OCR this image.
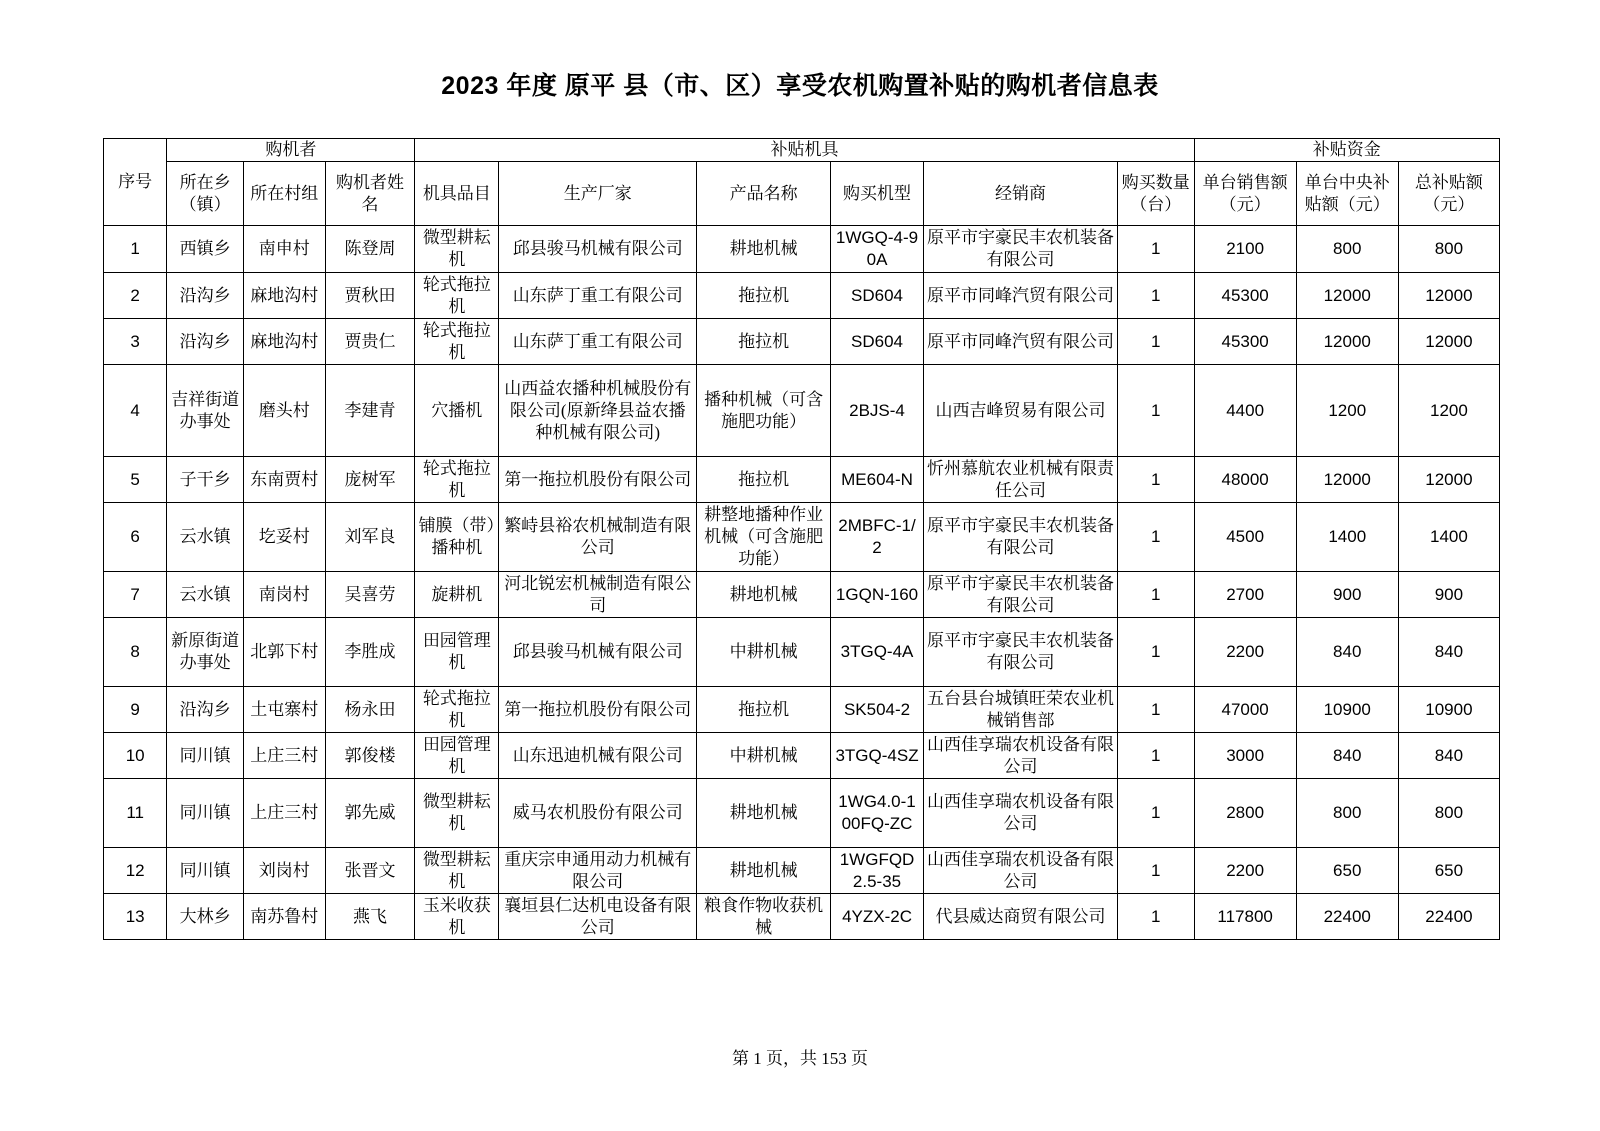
2023 年度 原平 县（市、区）享受农机购置补贴的购机者信息表
序号	购机者			补贴机具						补贴资金		
	所在乡（镇）	所在村组	购机者姓名	机具品目	生产厂家	产品名称	购买机型	经销商	购买数量（台）	单台销售额（元）	单台中央补贴额（元）	总补贴额（元）
1	西镇乡	南申村	陈登周	微型耕耘机	邱县骏马机械有限公司	耕地机械	1WGQ-4-90A	原平市宇豪民丰农机装备有限公司	1	2100	800	800
2	沿沟乡	麻地沟村	贾秋田	轮式拖拉机	山东萨丁重工有限公司	拖拉机	SD604	原平市同峰汽贸有限公司	1	45300	12000	12000
3	沿沟乡	麻地沟村	贾贵仁	轮式拖拉机	山东萨丁重工有限公司	拖拉机	SD604	原平市同峰汽贸有限公司	1	45300	12000	12000
4	吉祥街道办事处	磨头村	李建青	穴播机	山西益农播种机械股份有限公司(原新绛县益农播种机械有限公司)	播种机械（可含施肥功能）	2BJS-4	山西吉峰贸易有限公司	1	4400	1200	1200
5	子干乡	东南贾村	庞树军	轮式拖拉机	第一拖拉机股份有限公司	拖拉机	ME604-N	忻州慕航农业机械有限责任公司	1	48000	12000	12000
6	云水镇	圪妥村	刘军良	铺膜（带）播种机	繁峙县裕农机械制造有限公司	耕整地播种作业机械（可含施肥功能）	2MBFC-1/2	原平市宇豪民丰农机装备有限公司	1	4500	1400	1400
7	云水镇	南岗村	吴喜劳	旋耕机	河北锐宏机械制造有限公司	耕地机械	1GQN-160	原平市宇豪民丰农机装备有限公司	1	2700	900	900
8	新原街道办事处	北郭下村	李胜成	田园管理机	邱县骏马机械有限公司	中耕机械	3TGQ-4A	原平市宇豪民丰农机装备有限公司	1	2200	840	840
9	沿沟乡	土屯寨村	杨永田	轮式拖拉机	第一拖拉机股份有限公司	拖拉机	SK504-2	五台县台城镇旺荣农业机械销售部	1	47000	10900	10900
10	同川镇	上庄三村	郭俊楼	田园管理机	山东迅迪机械有限公司	中耕机械	3TGQ-4SZ	山西佳享瑞农机设备有限公司	1	3000	840	840
11	同川镇	上庄三村	郭先威	微型耕耘机	威马农机股份有限公司	耕地机械	1WG4.0-100FQ-ZC	山西佳享瑞农机设备有限公司	1	2800	800	800
12	同川镇	刘岗村	张晋文	微型耕耘机	重庆宗申通用动力机械有限公司	耕地机械	1WGFQD2.5-35	山西佳享瑞农机设备有限公司	1	2200	650	650
13	大林乡	南苏鲁村	燕飞	玉米收获机	襄垣县仁达机电设备有限公司	粮食作物收获机械	4YZX-2C	代县威达商贸有限公司	1	117800	22400	22400
第 1 页，共 153 页
